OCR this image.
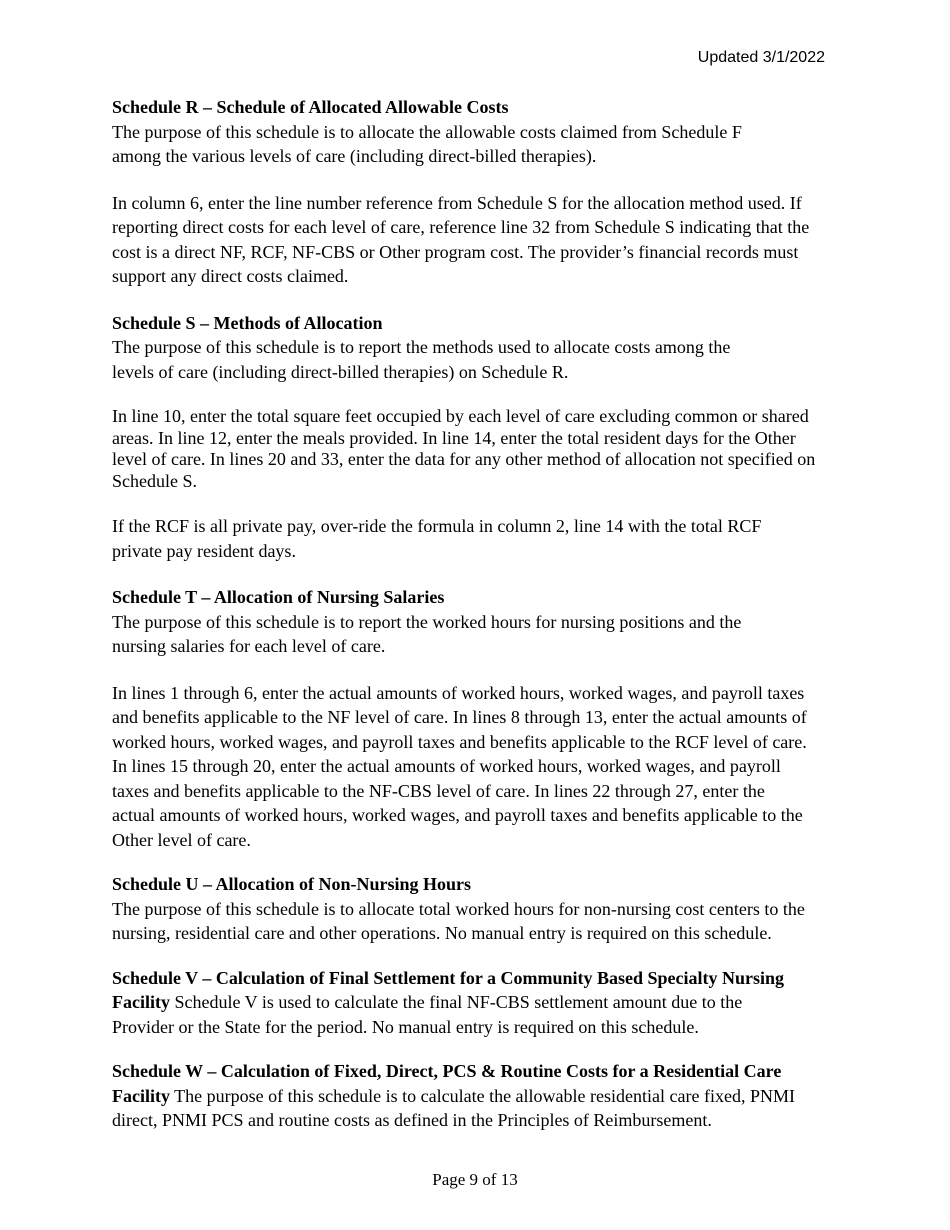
Updated 3/1/2022

Schedule R – Schedule of Allocated Allowable Costs

The purpose of this schedule is to allocate the allowable costs claimed from Schedule F
among the various levels of care (including direct-billed therapies).

In column 6, enter the line number reference from Schedule S for the allocation method used. If
reporting direct costs for each level of care, reference line 32 from Schedule S indicating that the
cost is a direct NF, RCF, NF-CBS or Other program cost. The provider’s financial records must
support any direct costs claimed.

Schedule S – Methods of Allocation

The purpose of this schedule is to report the methods used to allocate costs among the
levels of care (including direct-billed therapies) on Schedule R.

In line 10, enter the total square feet occupied by each level of care excluding common or shared
areas. In line 12, enter the meals provided. In line 14, enter the total resident days for the Other
level of care. In lines 20 and 33, enter the data for any other method of allocation not specified on
Schedule S.

If the RCF is all private pay, over-ride the formula in column 2, line 14 with the total RCF
private pay resident days.

Schedule T – Allocation of Nursing Salaries

The purpose of this schedule is to report the worked hours for nursing positions and the
nursing salaries for each level of care.

In lines 1 through 6, enter the actual amounts of worked hours, worked wages, and payroll taxes
and benefits applicable to the NF level of care. In lines 8 through 13, enter the actual amounts of
worked hours, worked wages, and payroll taxes and benefits applicable to the RCF level of care.
In lines 15 through 20, enter the actual amounts of worked hours, worked wages, and payroll
taxes and benefits applicable to the NF-CBS level of care. In lines 22 through 27, enter the
actual amounts of worked hours, worked wages, and payroll taxes and benefits applicable to the
Other level of care.

Schedule U – Allocation of Non-Nursing Hours

The purpose of this schedule is to allocate total worked hours for non-nursing cost centers to the
nursing, residential care and other operations. No manual entry is required on this schedule.

Schedule V – Calculation of Final Settlement for a Community Based Specialty Nursing
Facility Schedule V is used to calculate the final NF-CBS settlement amount due to the
Provider or the State for the period. No manual entry is required on this schedule.

Schedule W – Calculation of Fixed, Direct, PCS & Routine Costs for a Residential Care
Facility The purpose of this schedule is to calculate the allowable residential care fixed, PNMI
direct, PNMI PCS and routine costs as defined in the Principles of Reimbursement.

Page 9 of 13
